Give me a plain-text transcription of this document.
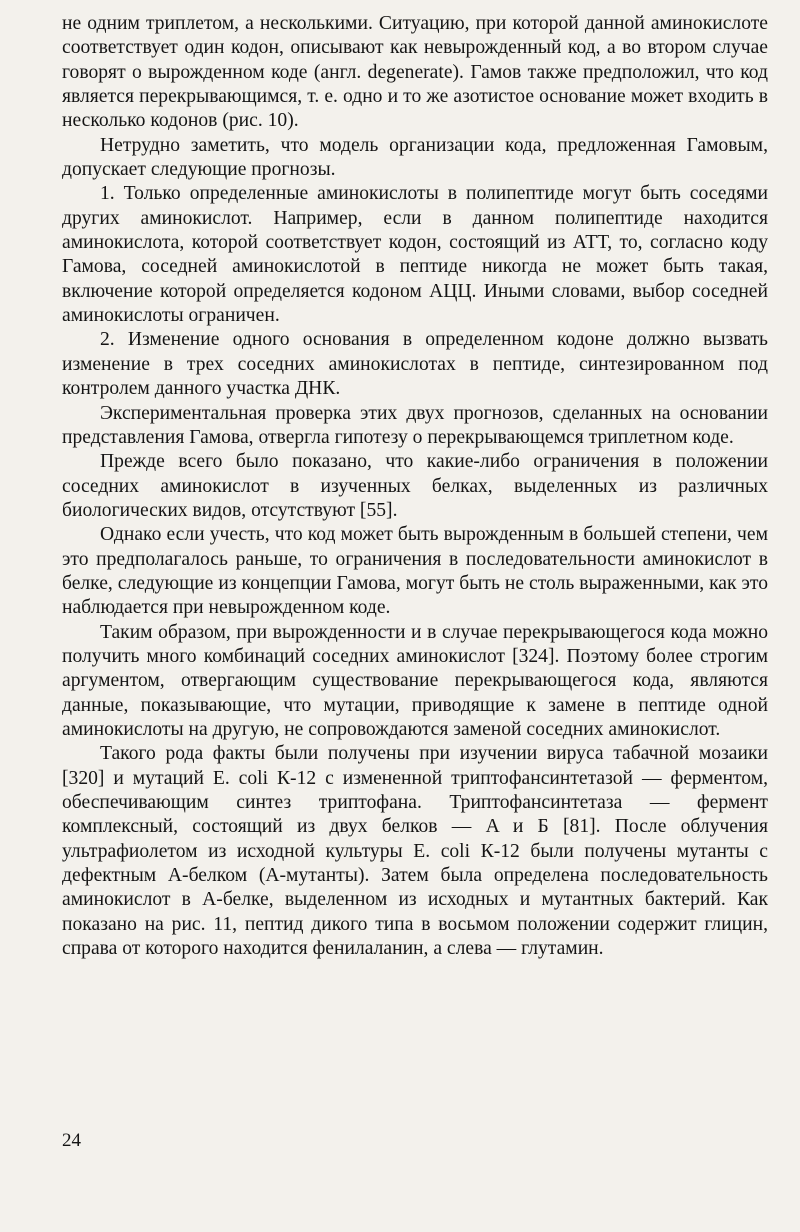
не одним триплетом, а несколькими. Ситуацию, при которой данной аминокислоте соответствует один кодон, описывают как невырожденный код, а во втором случае говорят о вырожденном коде (англ. degenerate). Гамов также предположил, что код является перекрывающимся, т. е. одно и то же азотистое основание может входить в несколько кодонов (рис. 10).

Нетрудно заметить, что модель организации кода, предложенная Гамовым, допускает следующие прогнозы.

1. Только определенные аминокислоты в полипептиде могут быть соседями других аминокислот. Например, если в данном полипептиде находится аминокислота, которой соответствует кодон, состоящий из АТТ, то, согласно коду Гамова, соседней аминокислотой в пептиде никогда не может быть такая, включение которой определяется кодоном АЦЦ. Иными словами, выбор соседней аминокислоты ограничен.

2. Изменение одного основания в определенном кодоне должно вызвать изменение в трех соседних аминокислотах в пептиде, синтезированном под контролем данного участка ДНК.

Экспериментальная проверка этих двух прогнозов, сделанных на основании представления Гамова, отвергла гипотезу о перекрывающемся триплетном коде.

Прежде всего было показано, что какие-либо ограничения в положении соседних аминокислот в изученных белках, выделенных из различных биологических видов, отсутствуют [55].

Однако если учесть, что код может быть вырожденным в большей степени, чем это предполагалось раньше, то ограничения в последовательности аминокислот в белке, следующие из концепции Гамова, могут быть не столь выраженными, как это наблюдается при невырожденном коде.

Таким образом, при вырожденности и в случае перекрывающегося кода можно получить много комбинаций соседних аминокислот [324]. Поэтому более строгим аргументом, отвергающим существование перекрывающегося кода, являются данные, показывающие, что мутации, приводящие к замене в пептиде одной аминокислоты на другую, не сопровождаются заменой соседних аминокислот.

Такого рода факты были получены при изучении вируса табачной мозаики [320] и мутаций E. coli К-12 с измененной триптофансинтетазой — ферментом, обеспечивающим синтез триптофана. Триптофансинтетаза — фермент комплексный, состоящий из двух белков — A и Б [81]. После облучения ультрафиолетом из исходной культуры E. coli К-12 были получены мутанты с дефектным A-белком (A-мутанты). Затем была определена последовательность аминокислот в A-белке, выделенном из исходных и мутантных бактерий. Как показано на рис. 11, пептид дикого типа в восьмом положении содержит глицин, справа от которого находится фенилаланин, а слева — глутамин.

24
